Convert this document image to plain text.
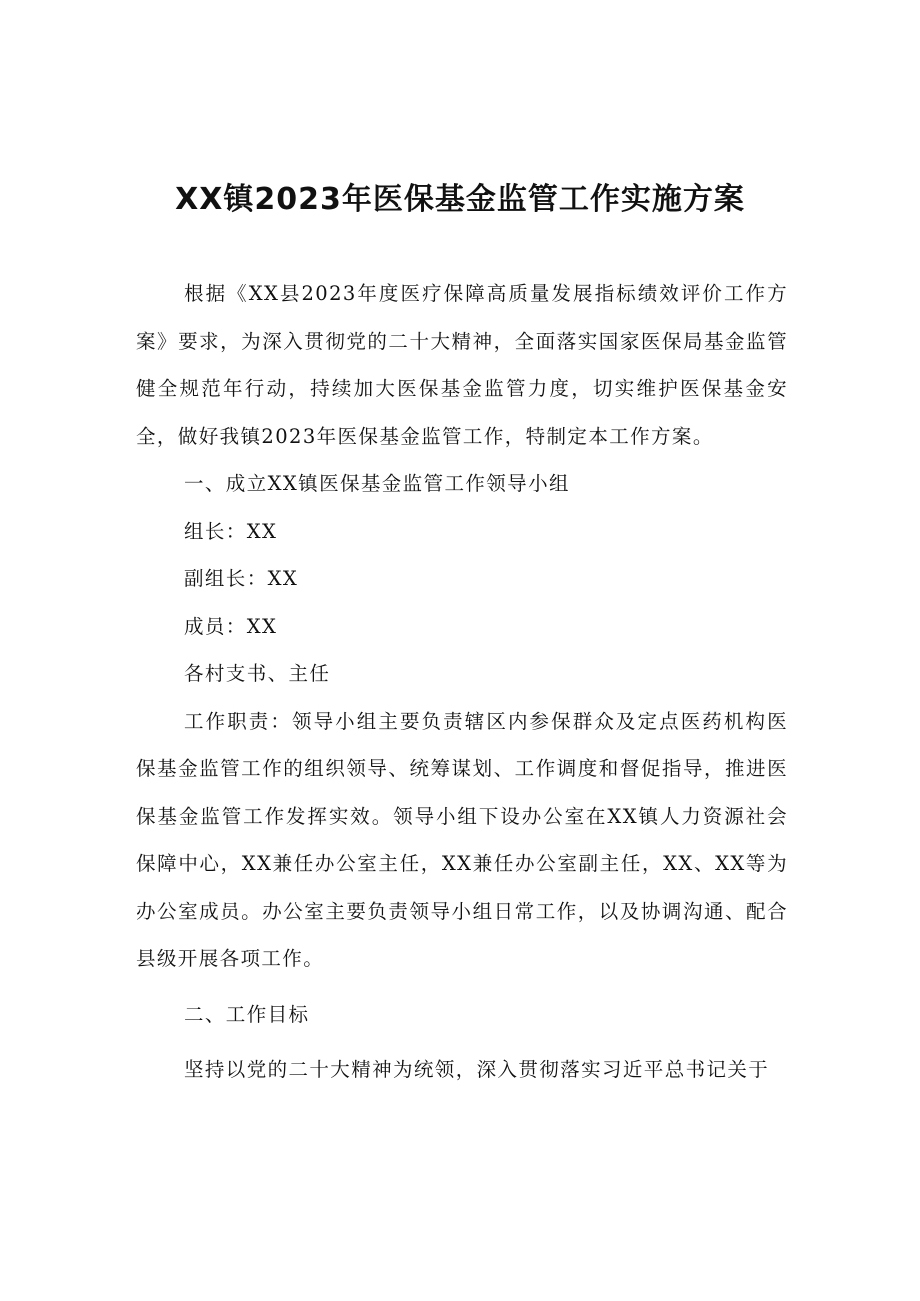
XX镇2023年医保基金监管工作实施方案

根据《XX县2023年度医疗保障高质量发展指标绩效评价工作方案》要求，为深入贯彻党的二十大精神，全面落实国家医保局基金监管健全规范年行动，持续加大医保基金监管力度，切实维护医保基金安全，做好我镇2023年医保基金监管工作，特制定本工作方案。

一、成立XX镇医保基金监管工作领导小组

组长：XX

副组长：XX

成员：XX

各村支书、主任

工作职责：领导小组主要负责辖区内参保群众及定点医药机构医保基金监管工作的组织领导、统筹谋划、工作调度和督促指导，推进医保基金监管工作发挥实效。领导小组下设办公室在XX镇人力资源社会保障中心，XX兼任办公室主任，XX兼任办公室副主任，XX、XX等为办公室成员。办公室主要负责领导小组日常工作，以及协调沟通、配合县级开展各项工作。

二、工作目标

坚持以党的二十大精神为统领，深入贯彻落实习近平总书记关于
